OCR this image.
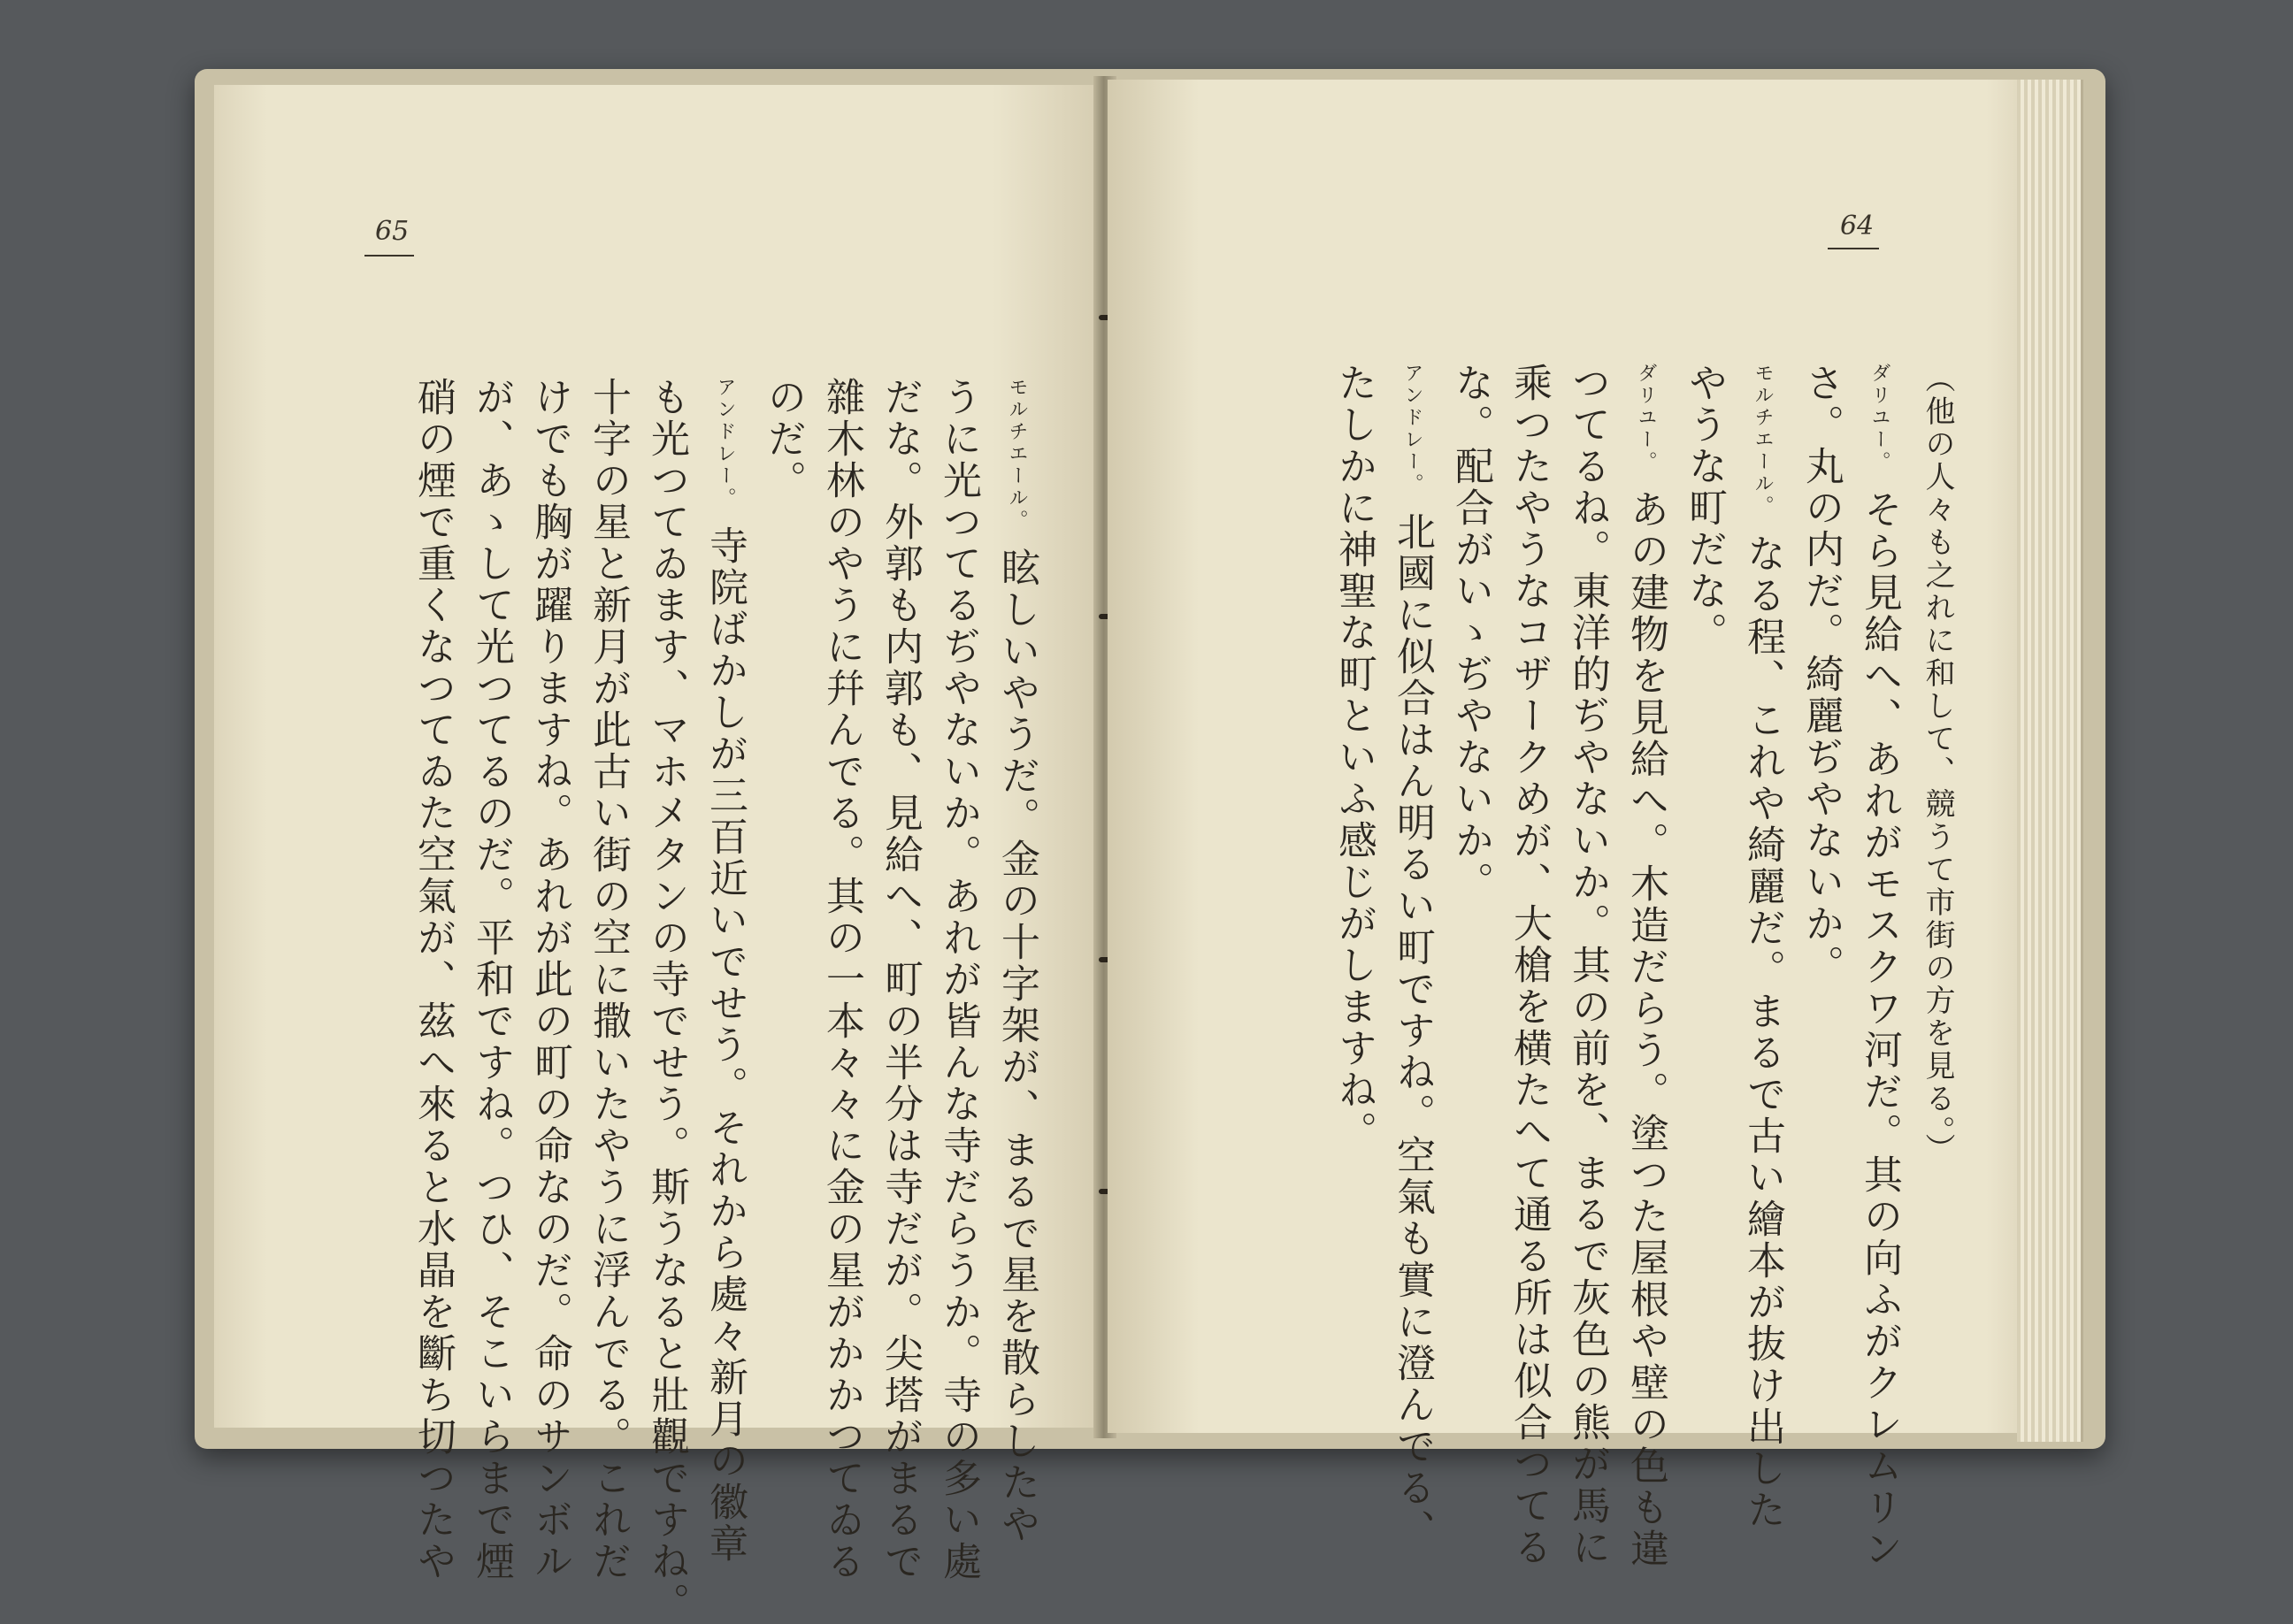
65
モルチエール。眩しいやうだ。金の十字架が、まるで星を散らしたや
うに光つてるぢやないか。あれが皆んな寺だらうか。寺の多い處
だな。外郭も内郭も、見給へ、町の半分は寺だが。尖塔がまるで
雜木林のやうに幷んでる。其の一本々々に金の星がかかつてゐる
のだ。
アンドレー。寺院ばかしが三百近いでせう。それから處々新月の徽章
も光つてゐます、マホメタンの寺でせう。斯うなると壯觀ですね。
十字の星と新月が此古い街の空に撒いたやうに浮んでる。これだ
けでも胸が躍りますね。あれが此の町の命なのだ。命のサンボル
が、あゝして光つてるのだ。平和ですね。つひ、そこいらまで煙
硝の煙で重くなつてゐた空氣が、茲へ來ると水晶を斷ち切つたや
64
（他の人々も之れに和して、競うて市街の方を見る。）
ダリユー。そら見給へ、あれがモスクワ河だ。其の向ふがクレムリン
さ。丸の内だ。綺麗ぢやないか。
モルチエール。なる程、これや綺麗だ。まるで古い繪本が抜け出した
やうな町だな。
ダリユー。あの建物を見給へ。木造だらう。塗つた屋根や壁の色も違
つてるね。東洋的ぢやないか。其の前を、まるで灰色の熊が馬に
乘つたやうなコザークめが、大槍を横たへて通る所は似合つてる
な。配合がいゝぢやないか。
アンドレー。北國に似合はん明るい町ですね。空氣も實に澄んでる、
たしかに神聖な町といふ感じがしますね。
